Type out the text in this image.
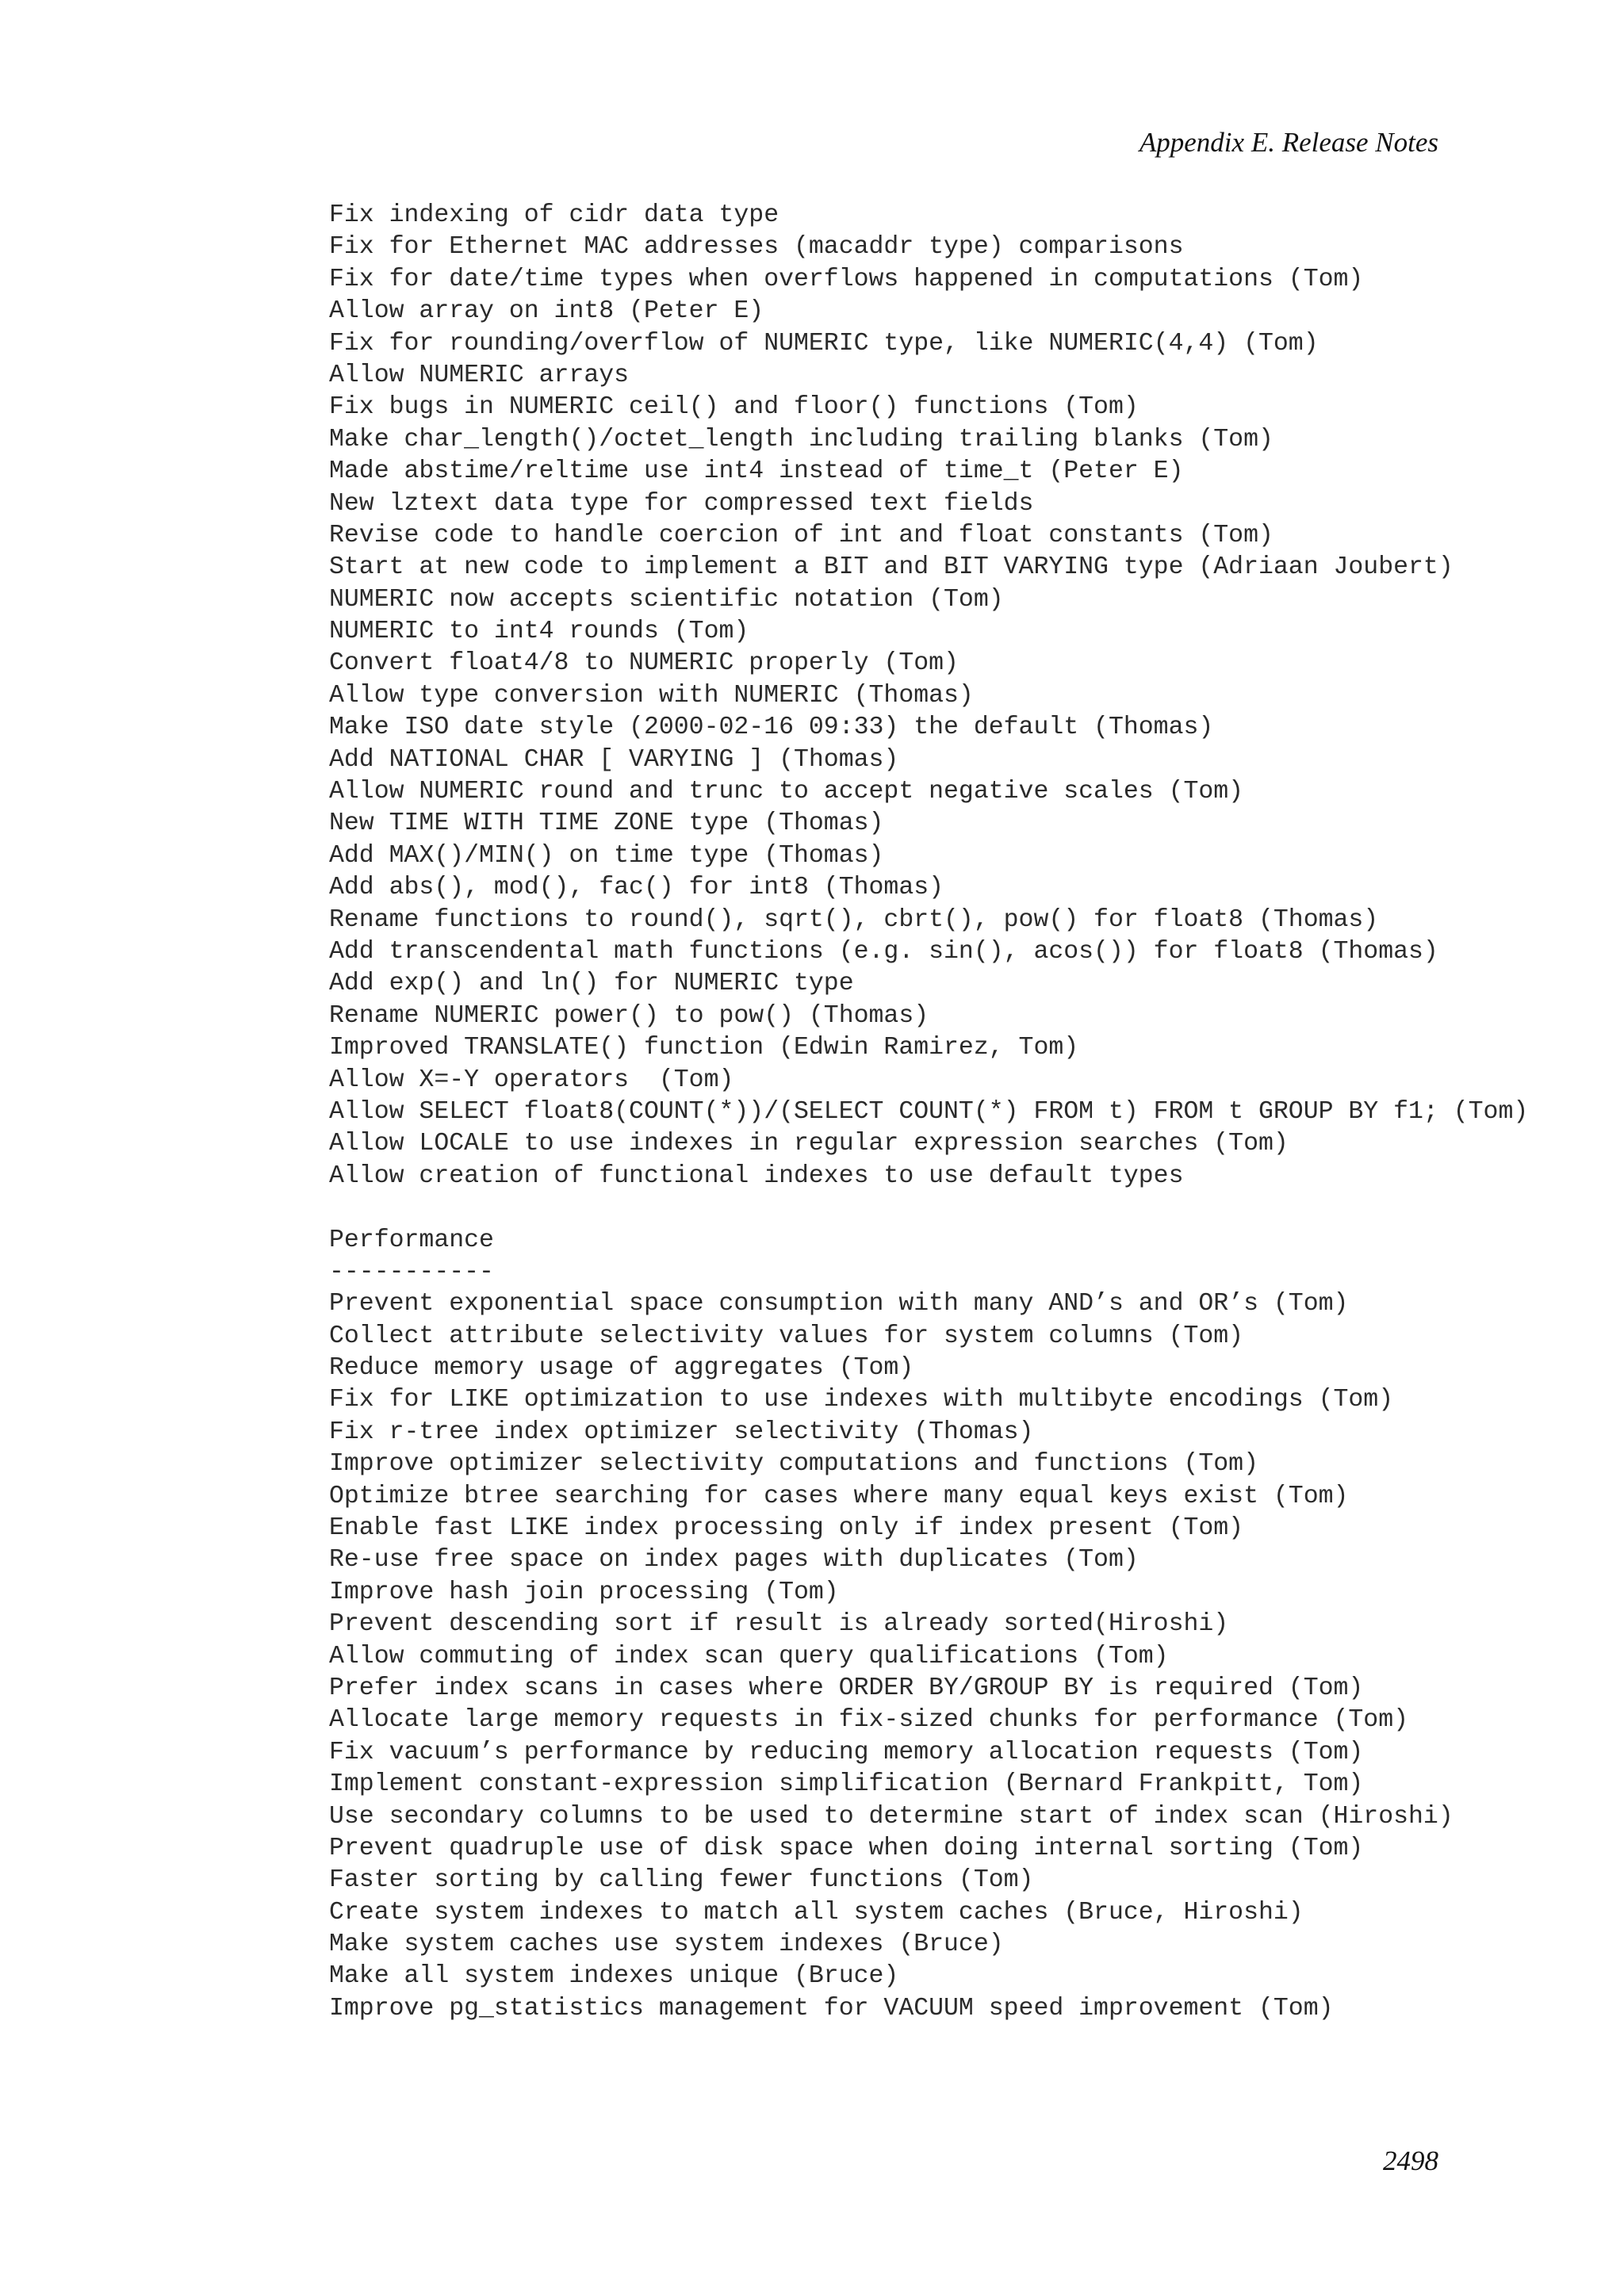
Appendix E. Release Notes
Fix indexing of cidr data type
Fix for Ethernet MAC addresses (macaddr type) comparisons
Fix for date/time types when overflows happened in computations (Tom)
Allow array on int8 (Peter E)
Fix for rounding/overflow of NUMERIC type, like NUMERIC(4,4) (Tom)
Allow NUMERIC arrays
Fix bugs in NUMERIC ceil() and floor() functions (Tom)
Make char_length()/octet_length including trailing blanks (Tom)
Made abstime/reltime use int4 instead of time_t (Peter E)
New lztext data type for compressed text fields
Revise code to handle coercion of int and float constants (Tom)
Start at new code to implement a BIT and BIT VARYING type (Adriaan Joubert)
NUMERIC now accepts scientific notation (Tom)
NUMERIC to int4 rounds (Tom)
Convert float4/8 to NUMERIC properly (Tom)
Allow type conversion with NUMERIC (Thomas)
Make ISO date style (2000-02-16 09:33) the default (Thomas)
Add NATIONAL CHAR [ VARYING ] (Thomas)
Allow NUMERIC round and trunc to accept negative scales (Tom)
New TIME WITH TIME ZONE type (Thomas)
Add MAX()/MIN() on time type (Thomas)
Add abs(), mod(), fac() for int8 (Thomas)
Rename functions to round(), sqrt(), cbrt(), pow() for float8 (Thomas)
Add transcendental math functions (e.g. sin(), acos()) for float8 (Thomas)
Add exp() and ln() for NUMERIC type
Rename NUMERIC power() to pow() (Thomas)
Improved TRANSLATE() function (Edwin Ramirez, Tom)
Allow X=-Y operators  (Tom)
Allow SELECT float8(COUNT(*))/(SELECT COUNT(*) FROM t) FROM t GROUP BY f1; (Tom)
Allow LOCALE to use indexes in regular expression searches (Tom)
Allow creation of functional indexes to use default types
Performance
-----------
Prevent exponential space consumption with many AND’s and OR’s (Tom)
Collect attribute selectivity values for system columns (Tom)
Reduce memory usage of aggregates (Tom)
Fix for LIKE optimization to use indexes with multibyte encodings (Tom)
Fix r-tree index optimizer selectivity (Thomas)
Improve optimizer selectivity computations and functions (Tom)
Optimize btree searching for cases where many equal keys exist (Tom)
Enable fast LIKE index processing only if index present (Tom)
Re-use free space on index pages with duplicates (Tom)
Improve hash join processing (Tom)
Prevent descending sort if result is already sorted(Hiroshi)
Allow commuting of index scan query qualifications (Tom)
Prefer index scans in cases where ORDER BY/GROUP BY is required (Tom)
Allocate large memory requests in fix-sized chunks for performance (Tom)
Fix vacuum’s performance by reducing memory allocation requests (Tom)
Implement constant-expression simplification (Bernard Frankpitt, Tom)
Use secondary columns to be used to determine start of index scan (Hiroshi)
Prevent quadruple use of disk space when doing internal sorting (Tom)
Faster sorting by calling fewer functions (Tom)
Create system indexes to match all system caches (Bruce, Hiroshi)
Make system caches use system indexes (Bruce)
Make all system indexes unique (Bruce)
Improve pg_statistics management for VACUUM speed improvement (Tom)
2498
